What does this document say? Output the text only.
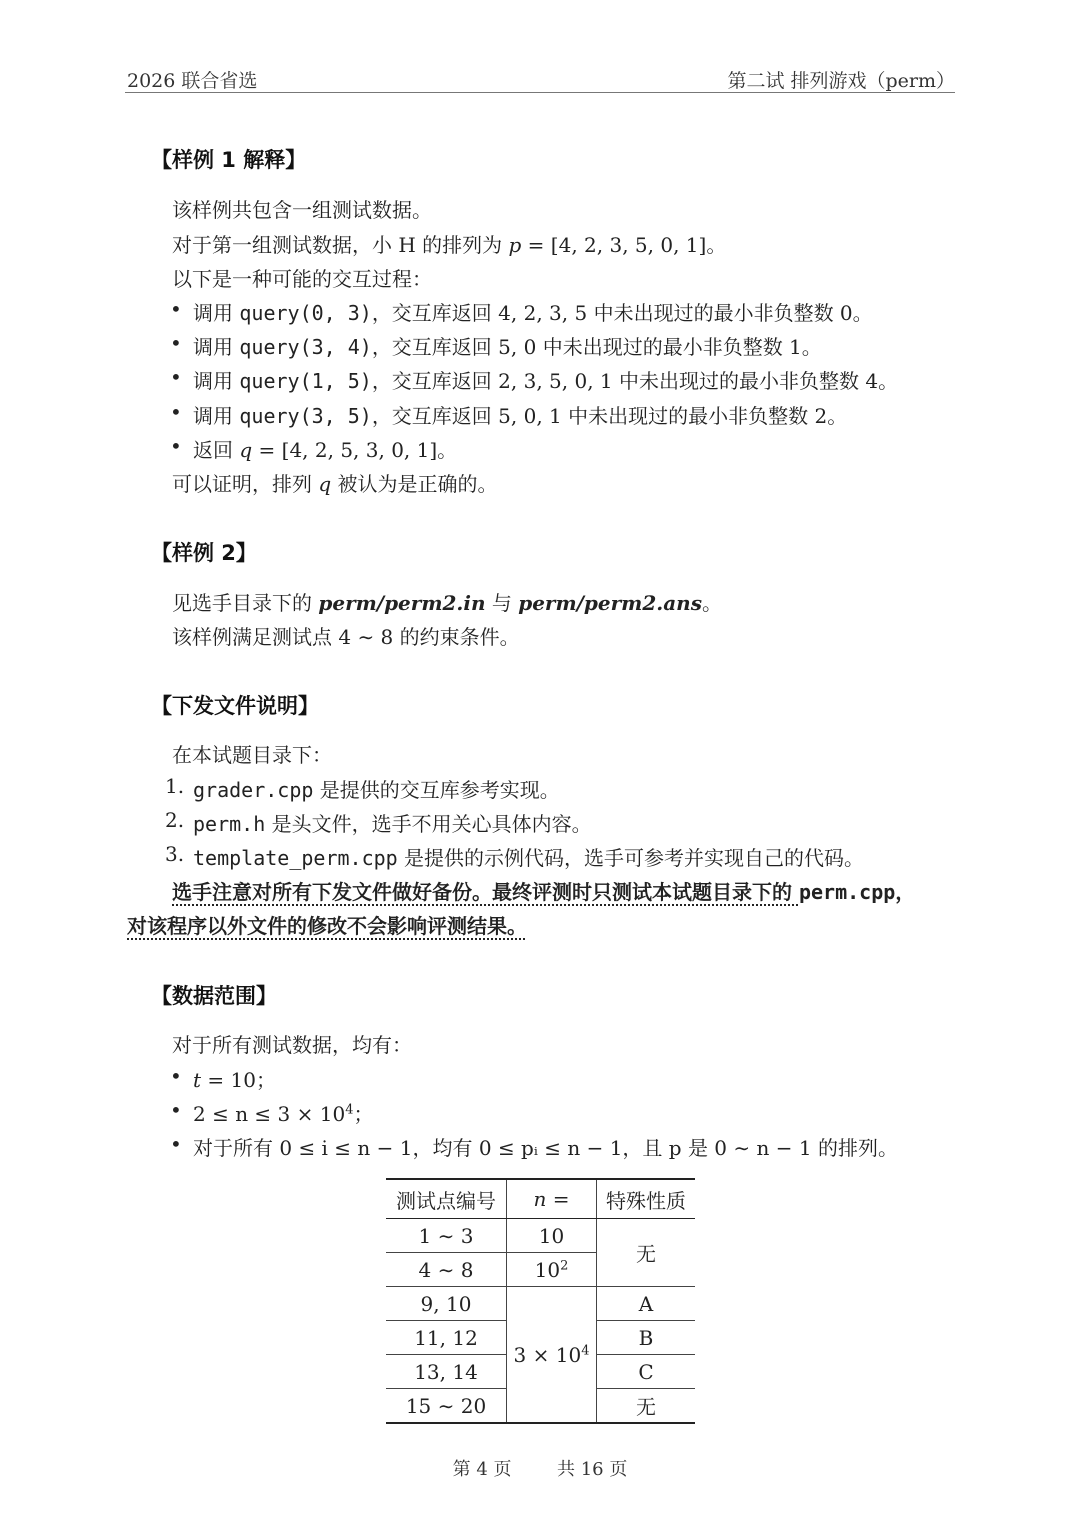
2026 联合省选	第二试 排列游戏（perm）
【样例 1 解释】
该样例共包含一组测试数据。
对于第一组测试数据，小 H 的排列为 p = [4, 2, 3, 5, 0, 1]。
以下是一种可能的交互过程：
• 调用 query(0, 3)，交互库返回 4, 2, 3, 5 中未出现过的最小非负整数 0。
• 调用 query(3, 4)，交互库返回 5, 0 中未出现过的最小非负整数 1。
• 调用 query(1, 5)，交互库返回 2, 3, 5, 0, 1 中未出现过的最小非负整数 4。
• 调用 query(3, 5)，交互库返回 5, 0, 1 中未出现过的最小非负整数 2。
• 返回 q = [4, 2, 5, 3, 0, 1]。
可以证明，排列 q 被认为是正确的。
【样例 2】
见选手目录下的 perm/perm2.in 与 perm/perm2.ans。
该样例满足测试点 4 ∼ 8 的约束条件。
【下发文件说明】
在本试题目录下：
1. grader.cpp 是提供的交互库参考实现。
2. perm.h 是头文件，选手不用关心具体内容。
3. template_perm.cpp 是提供的示例代码，选手可参考并实现自己的代码。
选手注意对所有下发文件做好备份。最终评测时只测试本试题目录下的 perm.cpp，
对该程序以外文件的修改不会影响评测结果。
【数据范围】
对于所有测试数据，均有：
• t = 10；
• $2 \le n \le 3 \times 10^4$；
• 对于所有 0 ≤ i ≤ n − 1，均有 0 ≤ pᵢ ≤ n − 1，且 p 是 0 ∼ n − 1 的排列。
测试点编号	n =	特殊性质
1 ∼ 3	10	无
4 ∼ 8	$10^2$
9, 10	$3 \times 10^4$	A
11, 12		B
13, 14		C
15 ∼ 20		无
第 4 页	共 16 页
